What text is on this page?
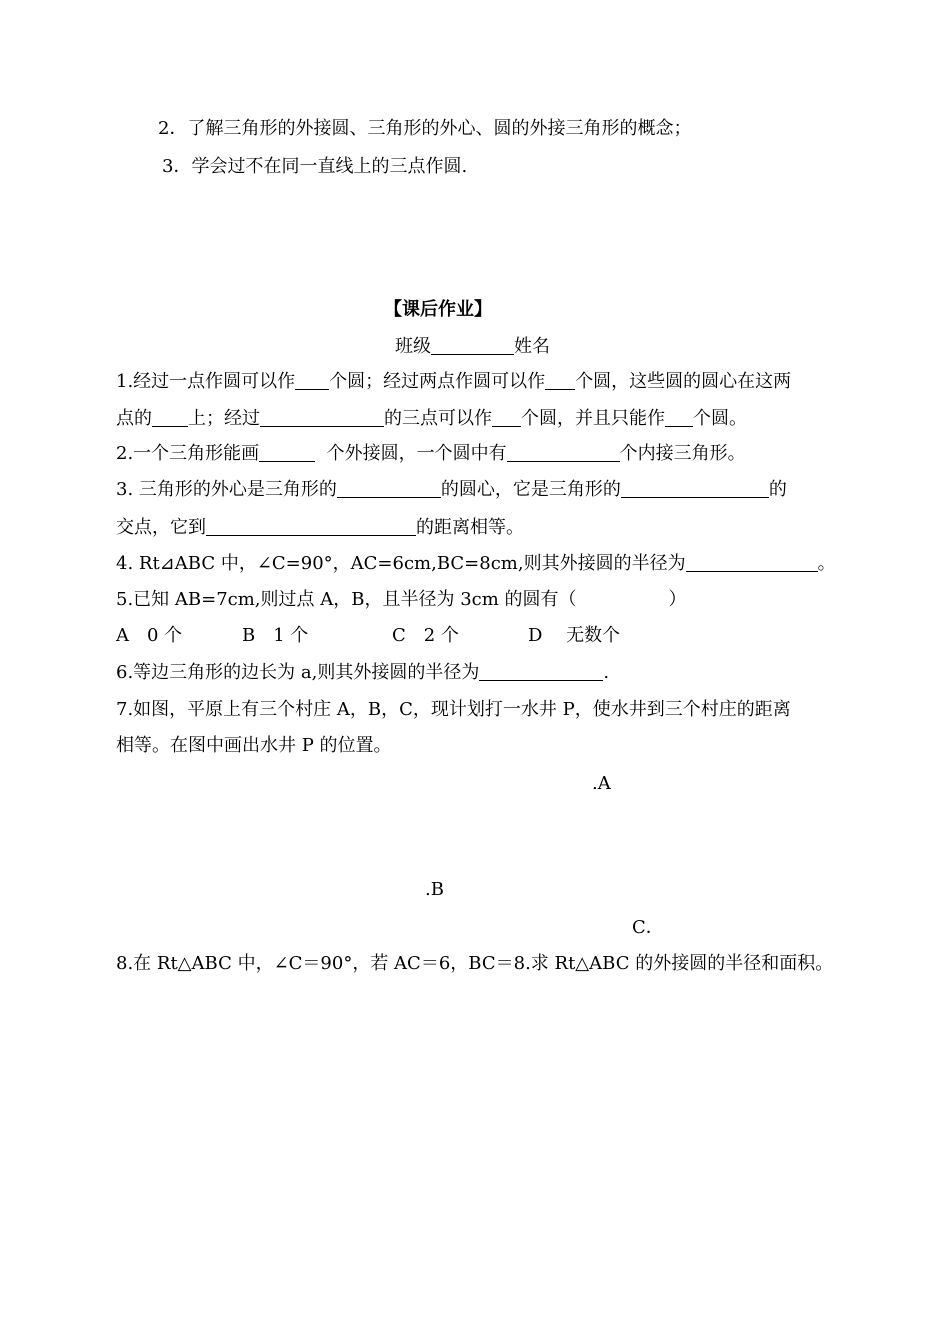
2．了解三角形的外接圆、三角形的外心、圆的外接三角形的概念；
3．学会过不在同一直线上的三点作圆.
【课后作业】
班级	姓名
1.经过一点作圆可以作 个圆；经过两点作圆可以作 个圆，这些圆的圆心在这两
点的 上；经过	的三点可以作 个圆，并且只能作 个圆。
2.一个三角形能画	个外接圆，一个圆中有	个内接三角形。
3. 三角形的外心是三角形的	的圆心，它是三角形的	的
交点，它到	的距离相等。
4. Rt⊿ABC 中，∠C=90°，AC=6cm,BC=8cm,则其外接圆的半径为	。
5.已知 AB=7cm,则过点 A，B，且半径为 3cm 的圆有（	）
A　0 个	B　1 个	C　2 个	D　 无数个
6.等边三角形的边长为 a,则其外接圆的半径为	.
7.如图，平原上有三个村庄 A，B，C，现计划打一水井 P，使水井到三个村庄的距离
相等。在图中画出水井 P 的位置。
.A
.B
C．
8.在 Rt△ABC 中，∠C＝90°，若 AC＝6，BC＝8.求 Rt△ABC 的外接圆的半径和面积。
